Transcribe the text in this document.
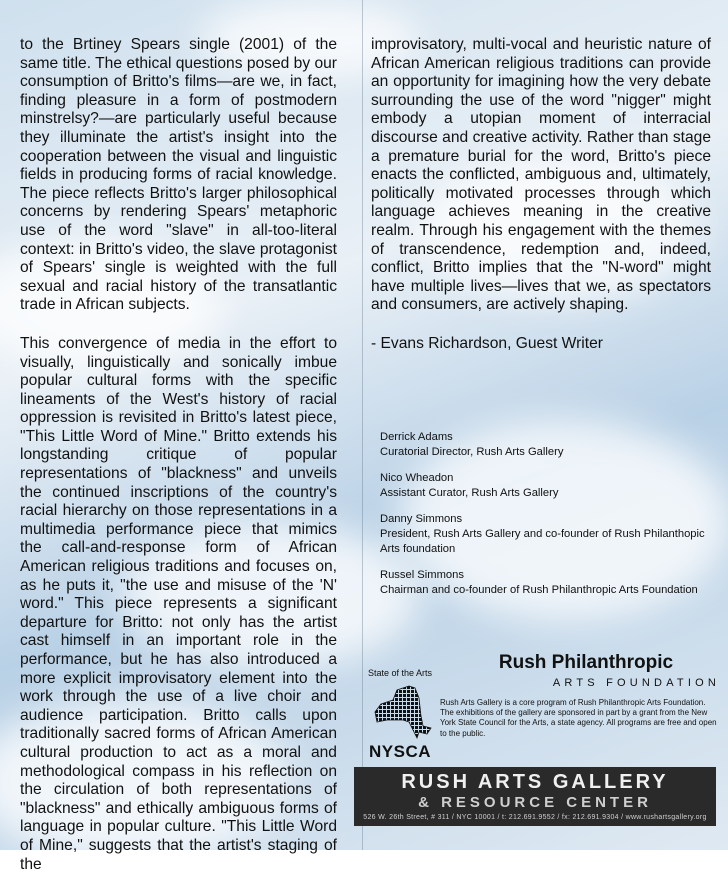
to the Brtiney Spears single (2001) of the same title. The ethical questions posed by our consumption of Britto's films—are we, in fact, finding pleasure in a form of postmodern minstrelsy?—are particularly useful because they illuminate the artist's insight into the cooperation between the visual and linguistic fields in producing forms of racial knowledge. The piece reflects Britto's larger philosophical concerns by rendering Spears' metaphoric use of the word "slave" in all-too-literal context: in Britto's video, the slave protagonist of Spears' single is weighted with the full sexual and racial history of the transatlantic trade in African subjects.

This convergence of media in the effort to visually, linguistically and sonically imbue popular cultural forms with the specific lineaments of the West's history of racial oppression is revisited in Britto's latest piece, "This Little Word of Mine." Britto extends his longstanding critique of popular representations of "blackness" and unveils the continued inscriptions of the country's racial hierarchy on those representations in a multimedia performance piece that mimics the call-and-response form of African American religious traditions and focuses on, as he puts it, "the use and misuse of the 'N' word." This piece represents a significant departure for Britto: not only has the artist cast himself in an important role in the performance, but he has also introduced a more explicit improvisatory element into the work through the use of a live choir and audience participation. Britto calls upon traditionally sacred forms of African American cultural production to act as a moral and methodological compass in his reflection on the circulation of both representations of "blackness" and ethically ambiguous forms of language in popular culture. "This Little Word of Mine," suggests that the artist's staging of the

improvisatory, multi-vocal and heuristic nature of African American religious traditions can provide an opportunity for imagining how the very debate surrounding the use of the word "nigger" might embody a utopian moment of interracial discourse and creative activity. Rather than stage a premature burial for the word, Britto's piece enacts the conflicted, ambiguous and, ultimately, politically motivated processes through which language achieves meaning in the creative realm. Through his engagement with the themes of transcendence, redemption and, indeed, conflict, Britto implies that the "N-word" might have multiple lives—lives that we, as spectators and consumers, are actively shaping.

- Evans Richardson, Guest Writer

Derrick Adams
Curatorial Director, Rush Arts Gallery
Nico Wheadon
Assistant Curator, Rush Arts Gallery
Danny Simmons
President, Rush Arts Gallery and co-founder of Rush Philanthopic Arts foundation
Russel Simmons
Chairman and co-founder of Rush Philanthropic Arts Foundation
State of the Arts
NYSCA
Rush Philanthropic
ARTS FOUNDATION
Rush Arts Gallery is a core program of Rush Philanthropic Arts Foundation. The exhibitions of the gallery are sponsored in part by a grant from the New York State Council for the Arts, a state agency. All programs are free and open to the public.
RUSH ARTS GALLERY
& RESOURCE CENTER
526 W. 26th Street, # 311 / NYC 10001 / t: 212.691.9552 / fx: 212.691.9304 / www.rushartsgallery.org
